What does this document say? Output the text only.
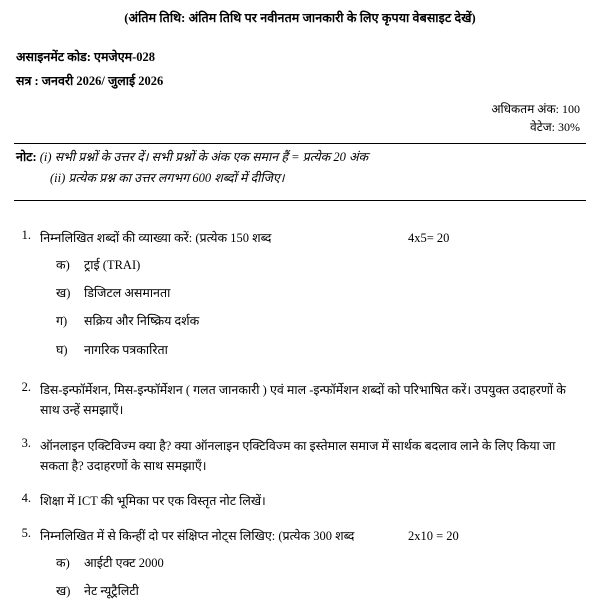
(अंतिम तिथि: अंतिम तिथि पर नवीनतम जानकारी के लिए कृपया वेबसाइट देखें)
असाइनमेंट कोड: एमजेएम-028
सत्र : जनवरी 2026/ जुलाई 2026
अधिकतम अंक: 100
वेटेज: 30%
नोट: (i) सभी प्रश्नों के उत्तर दें। सभी प्रश्नों के अंक एक समान हैं = प्रत्येक 20 अंक
(ii) प्रत्येक प्रश्न का उत्तर लगभग 600 शब्दों में दीजिए।
1. निम्नलिखित शब्दों की व्याख्या करें: (प्रत्येक 150 शब्द	4x5= 20
क)	ट्राई (TRAI)
ख)	डिजिटल असमानता
ग)	सक्रिय और निष्क्रिय दर्शक
घ)	नागरिक पत्रकारिता
2. डिस-इन्फॉर्मेशन, मिस-इन्फॉर्मेशन ( गलत जानकारी ) एवं माल -इन्फॉर्मेशन शब्दों को परिभाषित करें। उपयुक्त उदाहरणों के साथ उन्हें समझाएँ।
3. ऑनलाइन एक्टिविज्म क्या है? क्या ऑनलाइन एक्टिविज्म का इस्तेमाल समाज में सार्थक बदलाव लाने के लिए किया जा सकता है? उदाहरणों के साथ समझाएँ।
4. शिक्षा में ICT की भूमिका पर एक विस्तृत नोट लिखें।
5. निम्नलिखित में से किन्हीं दो पर संक्षिप्त नोट्स लिखिए: (प्रत्येक 300 शब्द	2x10 = 20
क)	आईटी एक्ट 2000
ख)	नेट न्यूट्रैलिटी
